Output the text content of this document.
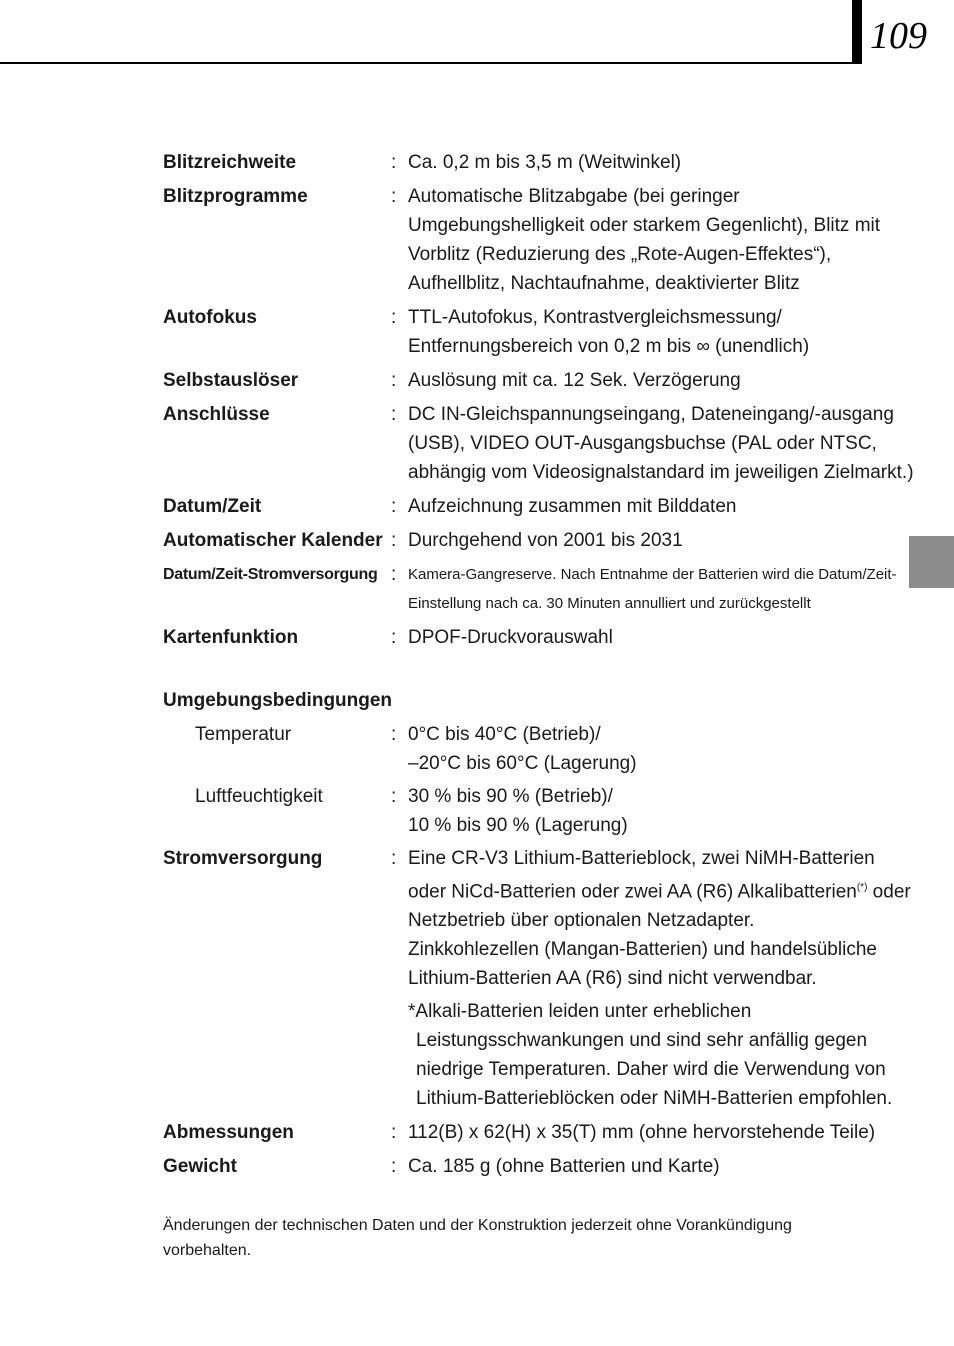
109
Blitzreichweite	: Ca. 0,2 m bis 3,5 m (Weitwinkel)
Blitzprogramme	: Automatische Blitzabgabe (bei geringer
Umgebungshelligkeit oder starkem Gegenlicht), Blitz mit
Vorblitz (Reduzierung des „Rote-Augen-Effektes“),
Aufhellblitz, Nachtaufnahme, deaktivierter Blitz
Autofokus	: TTL-Autofokus, Kontrastvergleichsmessung/
Entfernungsbereich von 0,2 m bis ∞ (unendlich)
Selbstauslöser	: Auslösung mit ca. 12 Sek. Verzögerung
Anschlüsse	: DC IN-Gleichspannungseingang, Dateneingang/-ausgang
(USB), VIDEO OUT-Ausgangsbuchse (PAL oder NTSC,
abhängig vom Videosignalstandard im jeweiligen Zielmarkt.)
Datum/Zeit	: Aufzeichnung zusammen mit Bilddaten
Automatischer Kalender : Durchgehend von 2001 bis 2031
Datum/Zeit-Stromversorgung : Kamera-Gangreserve. Nach Entnahme der Batterien wird die Datum/Zeit-
Einstellung nach ca. 30 Minuten annulliert und zurückgestellt
Kartenfunktion	: DPOF-Druckvorauswahl
Umgebungsbedingungen
Temperatur	: 0°C bis 40°C (Betrieb)/
–20°C bis 60°C (Lagerung)
Luftfeuchtigkeit	: 30 % bis 90 % (Betrieb)/
10 % bis 90 % (Lagerung)
Stromversorgung	: Eine CR-V3 Lithium-Batterieblock, zwei NiMH-Batterien
oder NiCd-Batterien oder zwei AA (R6) Alkalibatterien(*) oder
Netzbetrieb über optionalen Netzadapter.
Zinkkohlezellen (Mangan-Batterien) und handelsübliche
Lithium-Batterien AA (R6) sind nicht verwendbar.
*Alkali-Batterien leiden unter erheblichen
Leistungsschwankungen und sind sehr anfällig gegen
niedrige Temperaturen. Daher wird die Verwendung von
Lithium-Batterieblöcken oder NiMH-Batterien empfohlen.
Abmessungen	: 112(B) x 62(H) x 35(T) mm (ohne hervorstehende Teile)
Gewicht	: Ca. 185 g (ohne Batterien und Karte)
Änderungen der technischen Daten und der Konstruktion jederzeit ohne Vorankündigung
vorbehalten.
